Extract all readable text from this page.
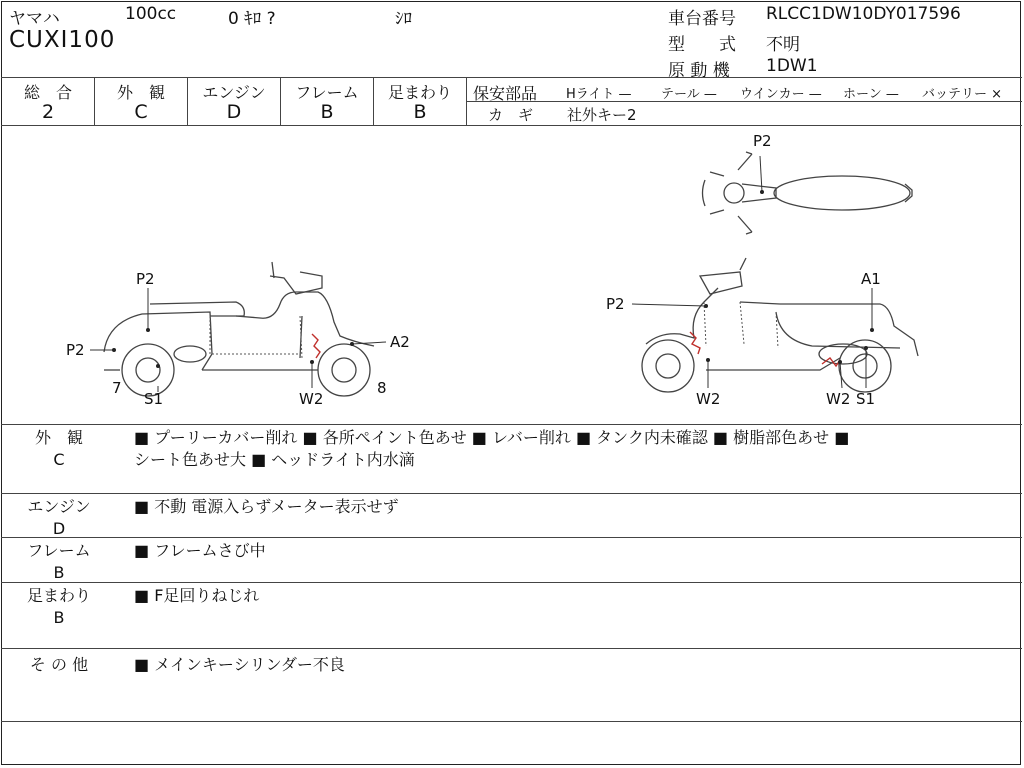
ヤマハ	100cc	0 ｷﾛ ?	ｼﾛ
CUXI100
車台番号 RLCC1DW10DY017596
型　　式 不明
原 動 機 1DW1
総　合
2
外　観
C
エンジン
D
フレーム
B
足まわり
B
保安部品 Hライト — テール — ウインカー — ホーン — バッテリー ×
カ　ギ 社外キー2
P2
P2
P2
7
S1	W2
8
A2
P2
A1
W2	W2 S1
外　観
C
■ プーリーカバー削れ ■ 各所ペイント色あせ ■ レバー削れ ■ タンク内未確認 ■ 樹脂部色あせ ■
シート色あせ大 ■ ヘッドライト内水滴
エンジン
D
■ 不動 電源入らずメーター表示せず
フレーム
B
■ フレームさび中
足まわり
B
■ F足回りねじれ
そ の 他	■ メインキーシリンダー不良
